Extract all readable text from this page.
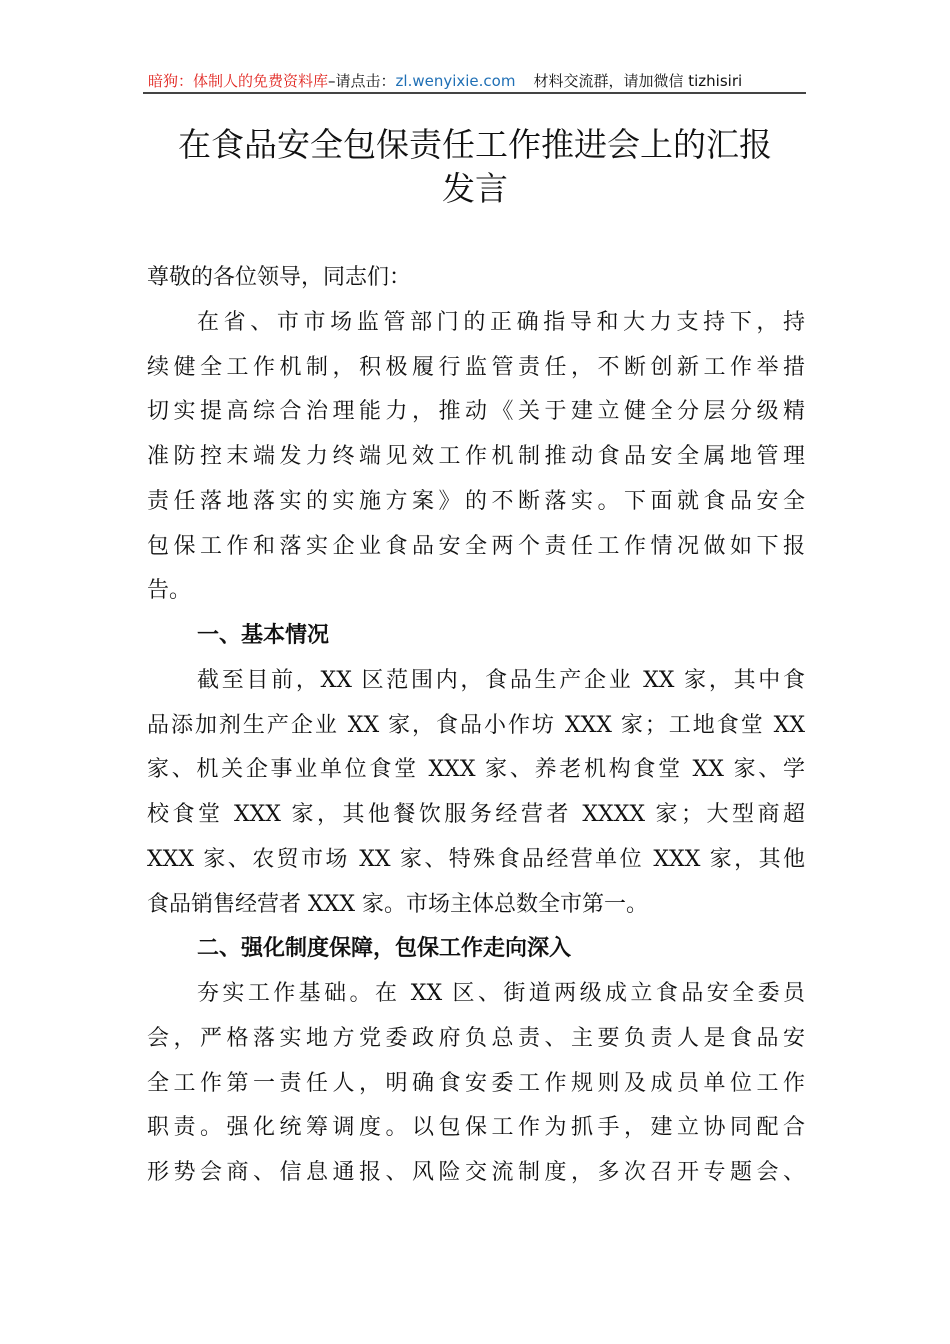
暗狗：体制人的免费资料库–请点击：zl.wenyixie.com 材料交流群，请加微信 tizhisiri
在食品安全包保责任工作推进会上的汇报
发言
尊敬的各位领导，同志们：
在省、市市场监管部门的正确指导和大力支持下，持
续健全工作机制，积极履行监管责任，不断创新工作举措
切实提高综合治理能力，推动《关于建立健全分层分级精
准防控末端发力终端见效工作机制推动食品安全属地管理
责任落地落实的实施方案》的不断落实。下面就食品安全
包保工作和落实企业食品安全两个责任工作情况做如下报
告。
一、基本情况
截至目前，XX 区范围内，食品生产企业 XX 家，其中食
品添加剂生产企业 XX 家，食品小作坊 XXX 家；工地食堂 XX
家、机关企事业单位食堂 XXX 家、养老机构食堂 XX 家、学
校食堂 XXX 家，其他餐饮服务经营者 XXXX 家；大型商超
XXX 家、农贸市场 XX 家、特殊食品经营单位 XXX 家，其他
食品销售经营者 XXX 家。市场主体总数全市第一。
二、强化制度保障，包保工作走向深入
夯实工作基础。在 XX 区、街道两级成立食品安全委员
会，严格落实地方党委政府负总责、主要负责人是食品安
全工作第一责任人，明确食安委工作规则及成员单位工作
职责。强化统筹调度。以包保工作为抓手，建立协同配合
形势会商、信息通报、风险交流制度，多次召开专题会、
